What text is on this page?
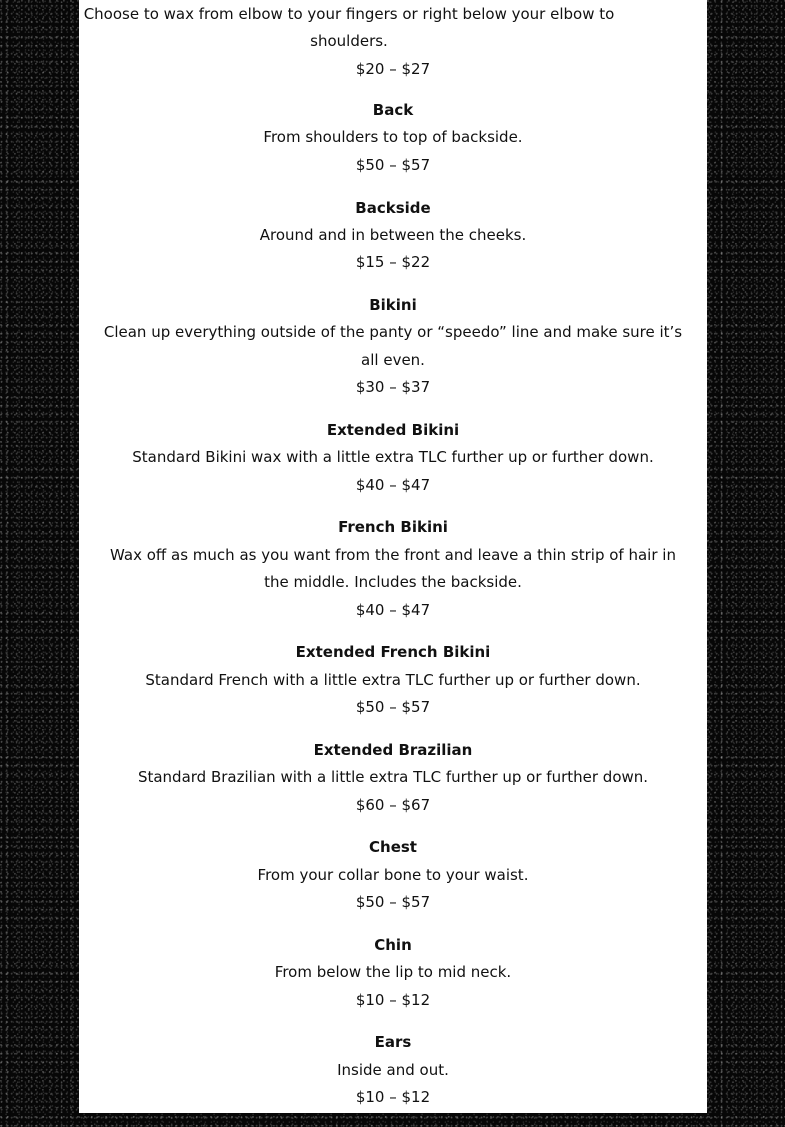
Choose to wax from elbow to your fingers or right below your elbow to shoulders.

$20 – $27

Back

From shoulders to top of backside.

$50 – $57

Backside

Around and in between the cheeks.

$15 – $22

Bikini

Clean up everything outside of the panty or “speedo” line and make sure it’s all even.

$30 – $37

Extended Bikini

Standard Bikini wax with a little extra TLC further up or further down.

$40 – $47

French Bikini

Wax off as much as you want from the front and leave a thin strip of hair in the middle. Includes the backside.

$40 – $47

Extended French Bikini

Standard French with a little extra TLC further up or further down.

$50 – $57

Extended Brazilian

Standard Brazilian with a little extra TLC further up or further down.

$60 – $67

Chest

From your collar bone to your waist.

$50 – $57

Chin

From below the lip to mid neck.

$10 – $12

Ears

Inside and out.

$10 – $12
